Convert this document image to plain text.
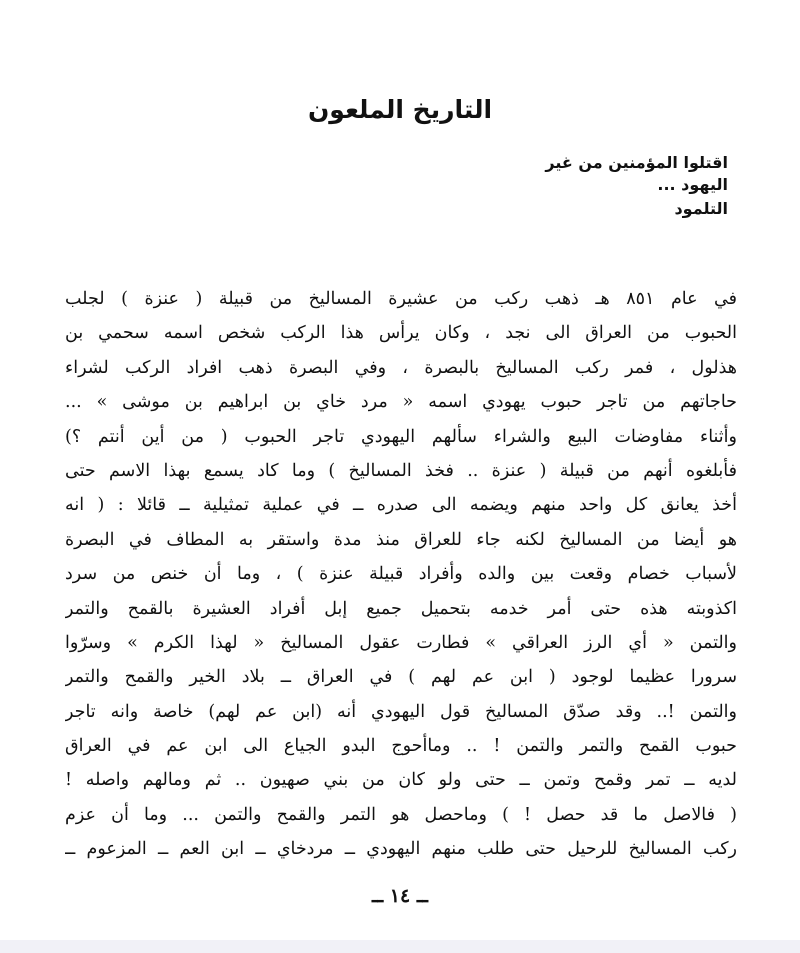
التاريخ الملعون
اقتلوا المؤمنين من غير
اليهود ...
التلمود
في عام ٨٥١ هـ ذهب ركب من عشيرة المساليخ من قبيلة ( عنزة ) لجلب
الحبوب من العراق الى نجد ، وكان يرأس هذا الركب شخص اسمه سحمي بن
هذلول ، فمر ركب المساليخ بالبصرة ، وفي البصرة ذهب افراد الركب لشراء
حاجاتهم من تاجر حبوب يهودي اسمه « مرد خاي بن ابراهيم بن موشى » ...
وأثناء مفاوضات البيع والشراء سألهم اليهودي تاجر الحبوب ( من أين أنتم ؟)
فأبلغوه أنهم من قبيلة ( عنزة .. فخذ المساليخ ) وما كاد يسمع بهذا الاسم حتى
أخذ يعانق كل واحد منهم ويضمه الى صدره ــ في عملية تمثيلية ــ قائلا : ( انه
هو أيضا من المساليخ لكنه جاء للعراق منذ مدة واستقر به المطاف في البصرة
لأسباب خصام وقعت بين والده وأفراد قبيلة عنزة ) ، وما أن خنص من سرد
اكذوبته هذه حتى أمر خدمه بتحميل جميع إبل أفراد العشيرة بالقمح والتمر
والتمن « أي الرز العراقي » فطارت عقول المساليخ « لهذا الكرم » وسرّوا
سرورا عظيما لوجود ( ابن عم لهم ) في العراق ــ بلاد الخير والقمح والتمر
والتمن !.. وقد صدّق المساليخ قول اليهودي أنه (ابن عم لهم) خاصة وانه تاجر
حبوب القمح والتمر والتمن ! .. وماأحوج البدو الجياع الى ابن عم في العراق
لديه ــ تمر وقمح وتمن ــ حتى ولو كان من بني صهيون .. ثم ومالهم واصله !
( فالاصل ما قد حصل ! ) وماحصل هو التمر والقمح والتمن ... وما أن عزم
ركب المساليخ للرحيل حتى طلب منهم اليهودي ــ مردخاي ــ ابن العم ــ المزعوم ــ
ــ ١٤ ــ
